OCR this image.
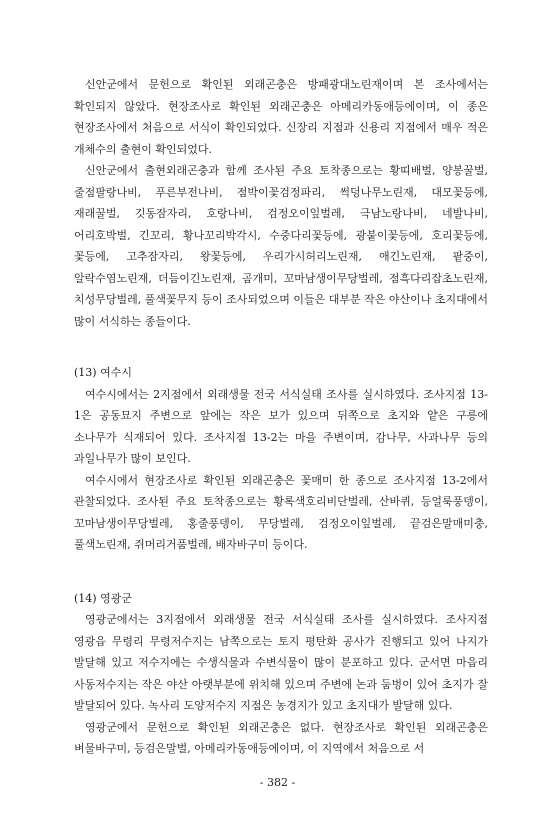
신안군에서 문헌으로 확인된 외래곤충은 방패광대노린재이며 본 조사에서는 확인되지 않았다. 현장조사로 확인된 외래곤충은 아메리카동애등에이며, 이 종은 현장조사에서 처음으로 서식이 확인되었다. 신장리 지점과 신용리 지점에서 매우 적은 개체수의 출현이 확인되었다.

신안군에서 출현외래곤충과 함께 조사된 주요 토착종으로는 황띠배벌, 양봉꿀벌, 줄점팔랑나비, 푸른부전나비, 점박이꽃검정파리, 썩덩나무노린재, 대모꽃등에, 재래꿀벌, 깃동잠자리, 호랑나비, 검정오이잎벌레, 극남노랑나비, 네발나비, 어리호박벌, 긴꼬리, 황나꼬리박각시, 수중다리꽃등에, 광붙이꽃등에, 호리꽃등에, 꽃등에, 고추잠자리, 왕꽃등에, 우리가시허리노린재, 애긴노린재, 팥중이, 알락수염노린재, 더듬이긴노린재, 곰개미, 꼬마남생이무당벌레, 점흑다리잡초노린재, 치성무당벌레, 풀색꽃무지 등이 조사되었으며 이들은 대부분 작은 야산이나 초지대에서 많이 서식하는 종들이다.

(13) 여수시

여수시에서는 2지점에서 외래생물 전국 서식실태 조사를 실시하였다. 조사지점 13-1은 공동묘지 주변으로 앞에는 작은 보가 있으며 뒤쪽으로 초지와 얕은 구릉에 소나무가 식재되어 있다. 조사지점 13-2는 마을 주변이며, 감나무, 사과나무 등의 과일나무가 많이 보인다.

여수시에서 현장조사로 확인된 외래곤충은 꽃매미 한 종으로 조사지점 13-2에서 관찰되었다. 조사된 주요 토착종으로는 황록색호리비단벌레, 산바퀴, 등얼룩풍뎅이, 꼬마남생이무당벌레, 홍줄풍뎅이, 무당벌레, 검정오이잎벌레, 끝검은말매미충, 풀색노린재, 쥐머리거품벌레, 배자바구미 등이다.

(14) 영광군

영광군에서는 3지점에서 외래생물 전국 서식실태 조사를 실시하였다. 조사지점 영광읍 무령리 무령저수지는 남쪽으로는 토지 평탄화 공사가 진행되고 있어 나지가 발달해 있고 저수지에는 수생식물과 수변식물이 많이 분포하고 있다. 군서면 마읍리 사동저수지는 작은 야산 아랫부분에 위치해 있으며 주변에 논과 둠벙이 있어 초지가 잘 발달되어 있다. 녹사리 도양저수지 지점은 농경지가 있고 초지대가 발달해 있다.

영광군에서 문헌으로 확인된 외래곤충은 없다. 현장조사로 확인된 외래곤충은 벼물바구미, 등검은말벌, 아메리카동애등에이며, 이 지역에서 처음으로 서

- 382 -
